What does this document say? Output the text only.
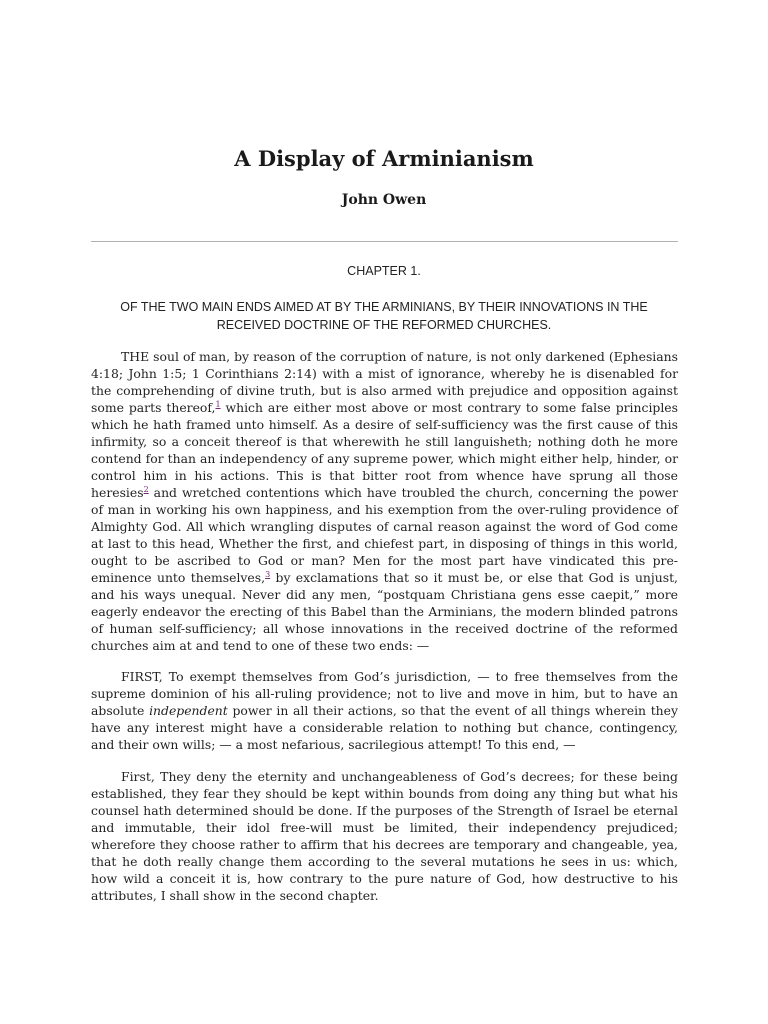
A Display of Arminianism
John Owen
CHAPTER 1.
OF THE TWO MAIN ENDS AIMED AT BY THE ARMINIANS, BY THEIR INNOVATIONS IN THE RECEIVED DOCTRINE OF THE REFORMED CHURCHES.

THE soul of man, by reason of the corruption of nature, is not only darkened (Ephesians 4:18; John 1:5; 1 Corinthians 2:14) with a mist of ignorance, whereby he is disenabled for the comprehending of divine truth, but is also armed with prejudice and opposition against some parts thereof,$^1$ which are either most above or most contrary to some false principles which he hath framed unto himself. As a desire of self-sufficiency was the first cause of this infirmity, so a conceit thereof is that wherewith he still languisheth; nothing doth he more contend for than an independency of any supreme power, which might either help, hinder, or control him in his actions. This is that bitter root from whence have sprung all those heresies$^2$ and wretched contentions which have troubled the church, concerning the power of man in working his own happiness, and his exemption from the over-ruling providence of Almighty God. All which wrangling disputes of carnal reason against the word of God come at last to this head, Whether the first, and chiefest part, in disposing of things in this world, ought to be ascribed to God or man? Men for the most part have vindicated this pre-eminence unto themselves,$^3$ by exclamations that so it must be, or else that God is unjust, and his ways unequal. Never did any men, “postquam Christiana gens esse caepit,” more eagerly endeavor the erecting of this Babel than the Arminians, the modern blinded patrons of human self-sufficiency; all whose innovations in the received doctrine of the reformed churches aim at and tend to one of these two ends: —

FIRST, To exempt themselves from God’s jurisdiction, — to free themselves from the supreme dominion of his all-ruling providence; not to live and move in him, but to have an absolute independent power in all their actions, so that the event of all things wherein they have any interest might have a considerable relation to nothing but chance, contingency, and their own wills; — a most nefarious, sacrilegious attempt! To this end, —

First, They deny the eternity and unchangeableness of God’s decrees; for these being established, they fear they should be kept within bounds from doing any thing but what his counsel hath determined should be done. If the purposes of the Strength of Israel be eternal and immutable, their idol free-will must be limited, their independency prejudiced; wherefore they choose rather to affirm that his decrees are temporary and changeable, yea, that he doth really change them according to the several mutations he sees in us: which, how wild a conceit it is, how contrary to the pure nature of God, how destructive to his attributes, I shall show in the second chapter.
